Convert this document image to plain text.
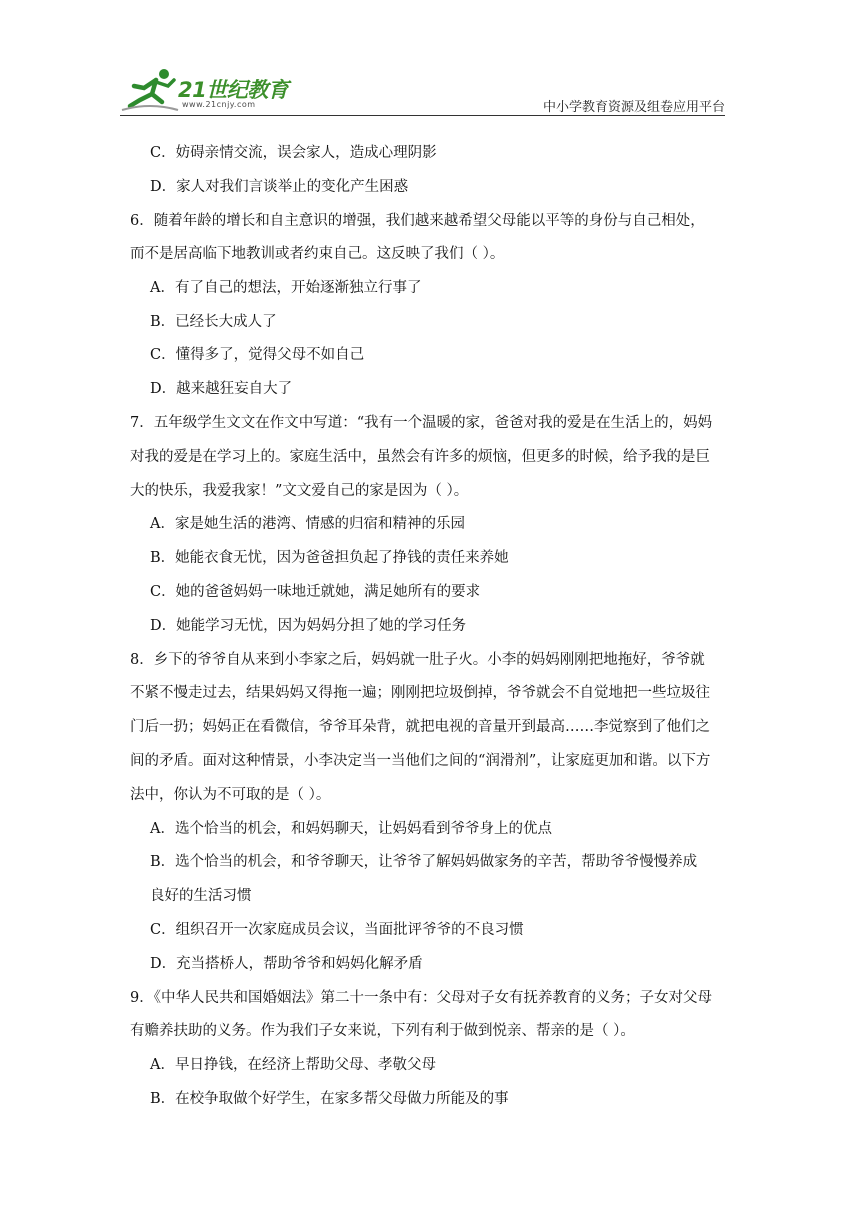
21世纪教育
www.21cnjy.com	中小学教育资源及组卷应用平台
C．妨碍亲情交流，误会家人，造成心理阴影
D．家人对我们言谈举止的变化产生困惑
6．随着年龄的增长和自主意识的增强，我们越来越希望父母能以平等的身份与自己相处，
而不是居高临下地教训或者约束自己。这反映了我们（ ）。
A．有了自己的想法，开始逐渐独立行事了
B．已经长大成人了
C．懂得多了，觉得父母不如自己
D．越来越狂妄自大了
7．五年级学生文文在作文中写道：“我有一个温暖的家，爸爸对我的爱是在生活上的，妈妈
对我的爱是在学习上的。家庭生活中，虽然会有许多的烦恼，但更多的时候，给予我的是巨
大的快乐，我爱我家！”文文爱自己的家是因为（ ）。
A．家是她生活的港湾、情感的归宿和精神的乐园
B．她能衣食无忧，因为爸爸担负起了挣钱的责任来养她
C．她的爸爸妈妈一味地迁就她，满足她所有的要求
D．她能学习无忧，因为妈妈分担了她的学习任务
8．乡下的爷爷自从来到小李家之后，妈妈就一肚子火。小李的妈妈刚刚把地拖好，爷爷就
不紧不慢走过去，结果妈妈又得拖一遍；刚刚把垃圾倒掉，爷爷就会不自觉地把一些垃圾往
门后一扔；妈妈正在看微信，爷爷耳朵背，就把电视的音量开到最高……李觉察到了他们之
间的矛盾。面对这种情景，小李决定当一当他们之间的“润滑剂”，让家庭更加和谐。以下方
法中，你认为不可取的是（ ）。
A．选个恰当的机会，和妈妈聊天，让妈妈看到爷爷身上的优点
B．选个恰当的机会，和爷爷聊天，让爷爷了解妈妈做家务的辛苦，帮助爷爷慢慢养成
良好的生活习惯
C．组织召开一次家庭成员会议，当面批评爷爷的不良习惯
D．充当搭桥人，帮助爷爷和妈妈化解矛盾
9．《中华人民共和国婚姻法》第二十一条中有：父母对子女有抚养教育的义务；子女对父母
有赡养扶助的义务。作为我们子女来说，下列有利于做到悦亲、帮亲的是（ ）。
A．早日挣钱，在经济上帮助父母、孝敬父母
B．在校争取做个好学生，在家多帮父母做力所能及的事
